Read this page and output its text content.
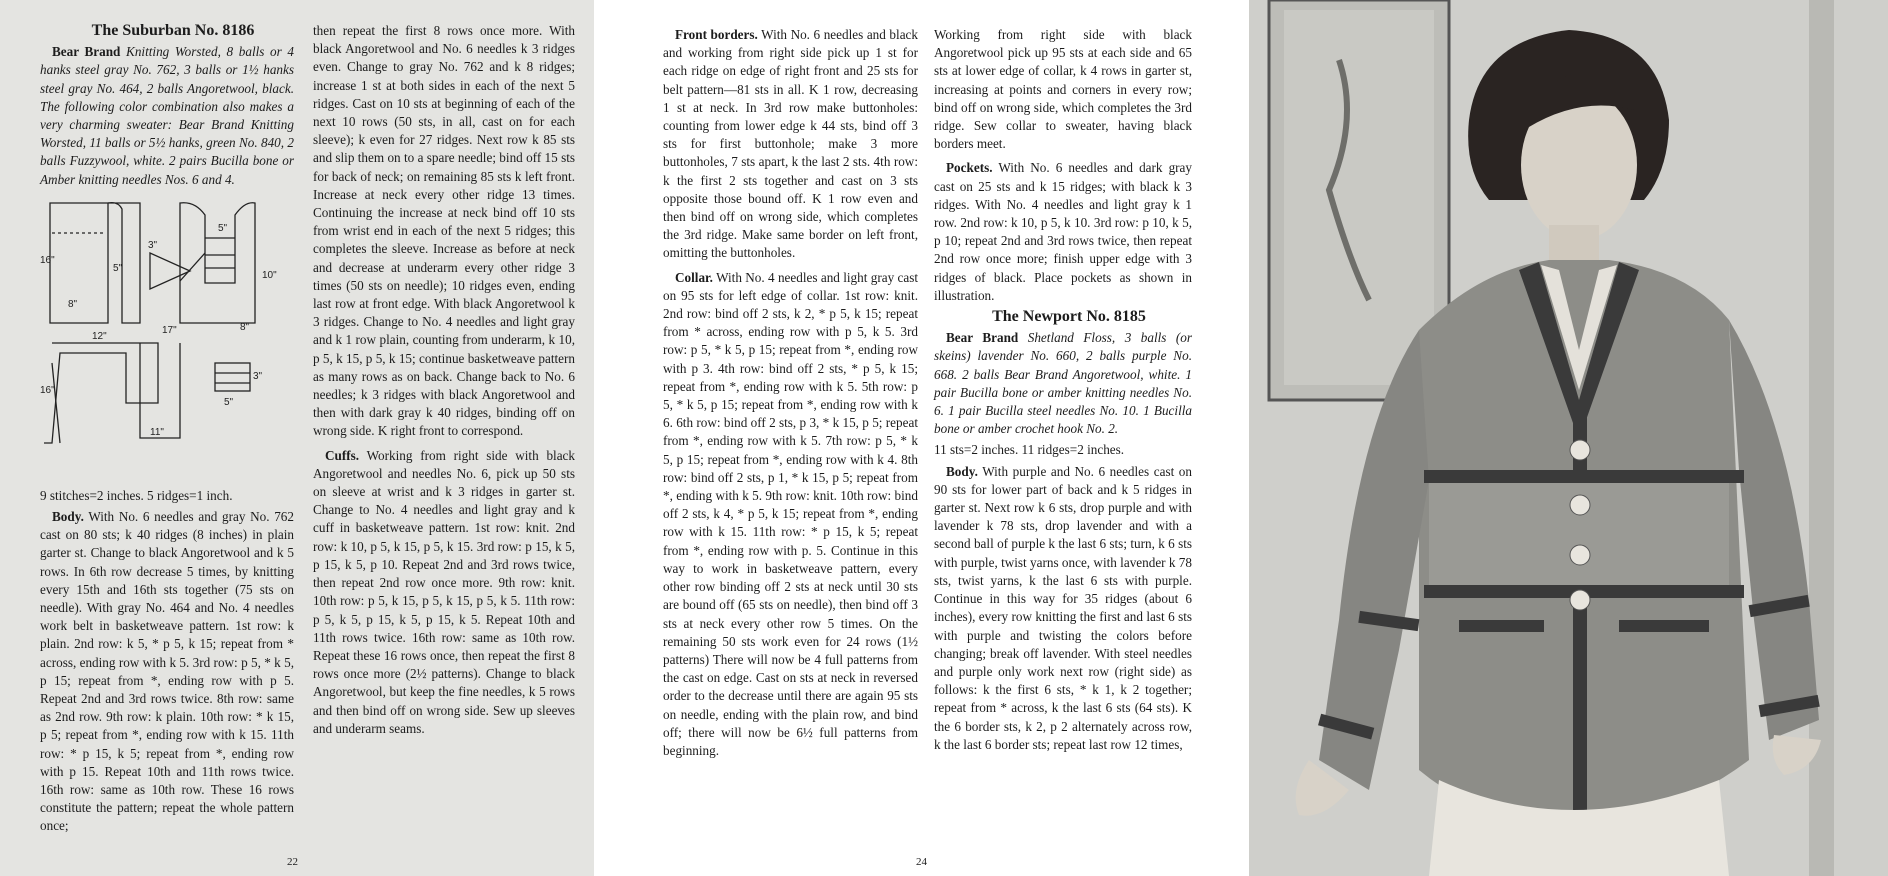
The Suburban No. 8186

Bear Brand Knitting Worsted, 8 balls or 4 hanks steel gray No. 762, 3 balls or 1½ hanks steel gray No. 464, 2 balls Angoretwool, black. The following color combination also makes a very charming sweater: Bear Brand Knitting Worsted, 11 balls or 5½ hanks, green No. 840, 2 balls Fuzzywool, white. 2 pairs Bucilla bone or Amber knitting needles Nos. 6 and 4.

16"
8"
5"
3"
5"
10"
17"	8"
12"
16"
11"
3"
5"

9 stitches=2 inches. 5 ridges=1 inch.

Body. With No. 6 needles and gray No. 762 cast on 80 sts; k 40 ridges (8 inches) in plain garter st. Change to black Angoretwool and k 5 rows. In 6th row decrease 5 times, by knitting every 15th and 16th sts together (75 sts on needle). With gray No. 464 and No. 4 needles work belt in basketweave pattern. 1st row: k plain. 2nd row: k 5, * p 5, k 15; repeat from * across, ending row with k 5. 3rd row: p 5, * k 5, p 15; repeat from *, ending row with p 5. Repeat 2nd and 3rd rows twice. 8th row: same as 2nd row. 9th row: k plain. 10th row: * k 15, p 5; repeat from *, ending row with k 15. 11th row: * p 15, k 5; repeat from *, ending row with p 15. Repeat 10th and 11th rows twice. 16th row: same as 10th row. These 16 rows constitute the pattern; repeat the whole pattern once;

then repeat the first 8 rows once more. With black Angoretwool and No. 6 needles k 3 ridges even. Change to gray No. 762 and k 8 ridges; increase 1 st at both sides in each of the next 5 ridges. Cast on 10 sts at beginning of each of the next 10 rows (50 sts, in all, cast on for each sleeve); k even for 27 ridges. Next row k 85 sts and slip them on to a spare needle; bind off 15 sts for back of neck; on remaining 85 sts k left front. Increase at neck every other ridge 13 times. Continuing the increase at neck bind off 10 sts from wrist end in each of the next 5 ridges; this completes the sleeve. Increase as before at neck and decrease at underarm every other ridge 3 times (50 sts on needle); 10 ridges even, ending last row at front edge. With black Angoretwool k 3 ridges. Change to No. 4 needles and light gray and k 1 row plain, counting from underarm, k 10, p 5, k 15, p 5, k 15; continue basketweave pattern as many rows as on back. Change back to No. 6 needles; k 3 ridges with black Angoretwool and then with dark gray k 40 ridges, binding off on wrong side. K right front to correspond.

Cuffs. Working from right side with black Angoretwool and needles No. 6, pick up 50 sts on sleeve at wrist and k 3 ridges in garter st. Change to No. 4 needles and light gray and k cuff in basketweave pattern. 1st row: knit. 2nd row: k 10, p 5, k 15, p 5, k 15. 3rd row: p 15, k 5, p 15, k 5, p 10. Repeat 2nd and 3rd rows twice, then repeat 2nd row once more. 9th row: knit. 10th row: p 5, k 15, p 5, k 15, p 5, k 5. 11th row: p 5, k 5, p 15, k 5, p 15, k 5. Repeat 10th and 11th rows twice. 16th row: same as 10th row. Repeat these 16 rows once, then repeat the first 8 rows once more (2½ patterns). Change to black Angoretwool, but keep the fine needles, k 5 rows and then bind off on wrong side. Sew up sleeves and underarm seams.

22

Front borders. With No. 6 needles and black and working from right side pick up 1 st for each ridge on edge of right front and 25 sts for belt pattern—81 sts in all. K 1 row, decreasing 1 st at neck. In 3rd row make buttonholes: counting from lower edge k 44 sts, bind off 3 sts for first buttonhole; make 3 more buttonholes, 7 sts apart, k the last 2 sts. 4th row: k the first 2 sts together and cast on 3 sts opposite those bound off. K 1 row even and then bind off on wrong side, which completes the 3rd ridge. Make same border on left front, omitting the buttonholes.

Collar. With No. 4 needles and light gray cast on 95 sts for left edge of collar. 1st row: knit. 2nd row: bind off 2 sts, k 2, * p 5, k 15; repeat from * across, ending row with p 5, k 5. 3rd row: p 5, * k 5, p 15; repeat from *, ending row with p 3. 4th row: bind off 2 sts, * p 5, k 15; repeat from *, ending row with k 5. 5th row: p 5, * k 5, p 15; repeat from *, ending row with k 6. 6th row: bind off 2 sts, p 3, * k 15, p 5; repeat from *, ending row with k 5. 7th row: p 5, * k 5, p 15; repeat from *, ending row with k 4. 8th row: bind off 2 sts, p 1, * k 15, p 5; repeat from *, ending with k 5. 9th row: knit. 10th row: bind off 2 sts, k 4, * p 5, k 15; repeat from *, ending row with k 15. 11th row: * p 15, k 5; repeat from *, ending row with p. 5. Continue in this way to work in basketweave pattern, every other row binding off 2 sts at neck until 30 sts are bound off (65 sts on needle), then bind off 3 sts at neck every other row 5 times. On the remaining 50 sts work even for 24 rows (1½ patterns) There will now be 4 full patterns from the cast on edge. Cast on sts at neck in reversed order to the decrease until there are again 95 sts on needle, ending with the plain row, and bind off; there will now be 6½ full patterns from beginning.

Working from right side with black Angoretwool pick up 95 sts at each side and 65 sts at lower edge of collar, k 4 rows in garter st, increasing at points and corners in every row; bind off on wrong side, which completes the 3rd ridge. Sew collar to sweater, having black borders meet.

Pockets. With No. 6 needles and dark gray cast on 25 sts and k 15 ridges; with black k 3 ridges. With No. 4 needles and light gray k 1 row. 2nd row: k 10, p 5, k 10. 3rd row: p 10, k 5, p 10; repeat 2nd and 3rd rows twice, then repeat 2nd row once more; finish upper edge with 3 ridges of black. Place pockets as shown in illustration.

The Newport No. 8185

Bear Brand Shetland Floss, 3 balls (or skeins) lavender No. 660, 2 balls purple No. 668. 2 balls Bear Brand Angoretwool, white. 1 pair Bucilla bone or amber knitting needles No. 6. 1 pair Bucilla steel needles No. 10. 1 Bucilla bone or amber crochet hook No. 2.

11 sts=2 inches. 11 ridges=2 inches.

Body. With purple and No. 6 needles cast on 90 sts for lower part of back and k 5 ridges in garter st. Next row k 6 sts, drop purple and with lavender k 78 sts, drop lavender and with a second ball of purple k the last 6 sts; turn, k 6 sts with purple, twist yarns once, with lavender k 78 sts, twist yarns, k the last 6 sts with purple. Continue in this way for 35 ridges (about 6 inches), every row knitting the first and last 6 sts with purple and twisting the colors before changing; break off lavender. With steel needles and purple only work next row (right side) as follows: k the first 6 sts, * k 1, k 2 together; repeat from * across, k the last 6 sts (64 sts). K the 6 border sts, k 2, p 2 alternately across row, k the last 6 border sts; repeat last row 12 times,

24
